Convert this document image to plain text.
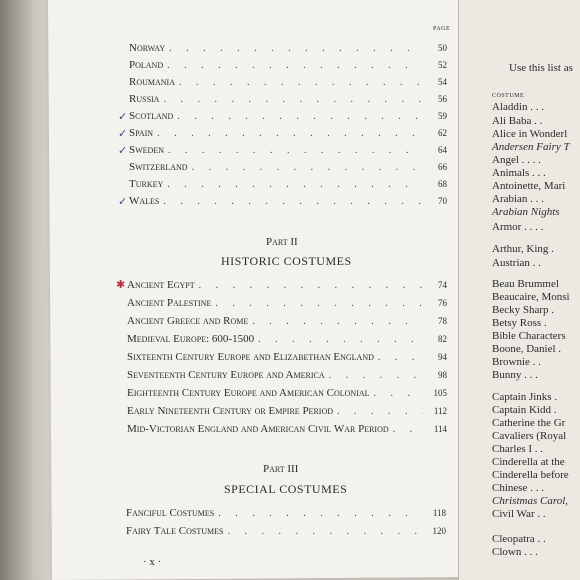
PAGE
Norway . . .	50
Poland . . .	52
Roumania . . .	54
Russia . . .	56
Scotland . . .	59
Spain . . .	62
Sweden . . .	64
Switzerland . . .	66
Turkey . . .	68
Wales . . .	70
✓
✓
✓
✓
✱
Part II
HISTORIC COSTUMES
Ancient Egypt . . .	74
Ancient Palestine . . .	76
Ancient Greece and Rome . . .	78
Medieval Europe: 600-1500 . . .	82
Sixteenth Century Europe and Elizabethan England . . .	94
Seventeenth Century Europe and America . . .	98
Eighteenth Century Europe and American Colonial . . .	105
Early Nineteenth Century or Empire Period . . .	112
Mid-Victorian England and American Civil War Period . . .	114
Part III
SPECIAL COSTUMES
Fanciful Costumes . . .	118
Fairy Tale Costumes . . .	120
· x ·
Use this list as
COSTUME
Aladdin . . .
Ali Baba . .
Alice in Wonderl
Andersen Fairy T
Angel . . . .
Animals . . .
Antoinette, Mari
Arabian . . .
Arabian Nights
Armor . . . .
Arthur, King .
Austrian . .
Beau Brummel
Beaucaire, Monsi
Becky Sharp .
Betsy Ross .
Bible Characters
Boone, Daniel .
Brownie . .
Bunny . . .
Captain Jinks .
Captain Kidd .
Catherine the Gr
Cavaliers (Royal
Charles I . .
Cinderella at the
Cinderella before
Chinese . . .
Christmas Carol,
Civil War . .
Cleopatra . .
Clown . . .
